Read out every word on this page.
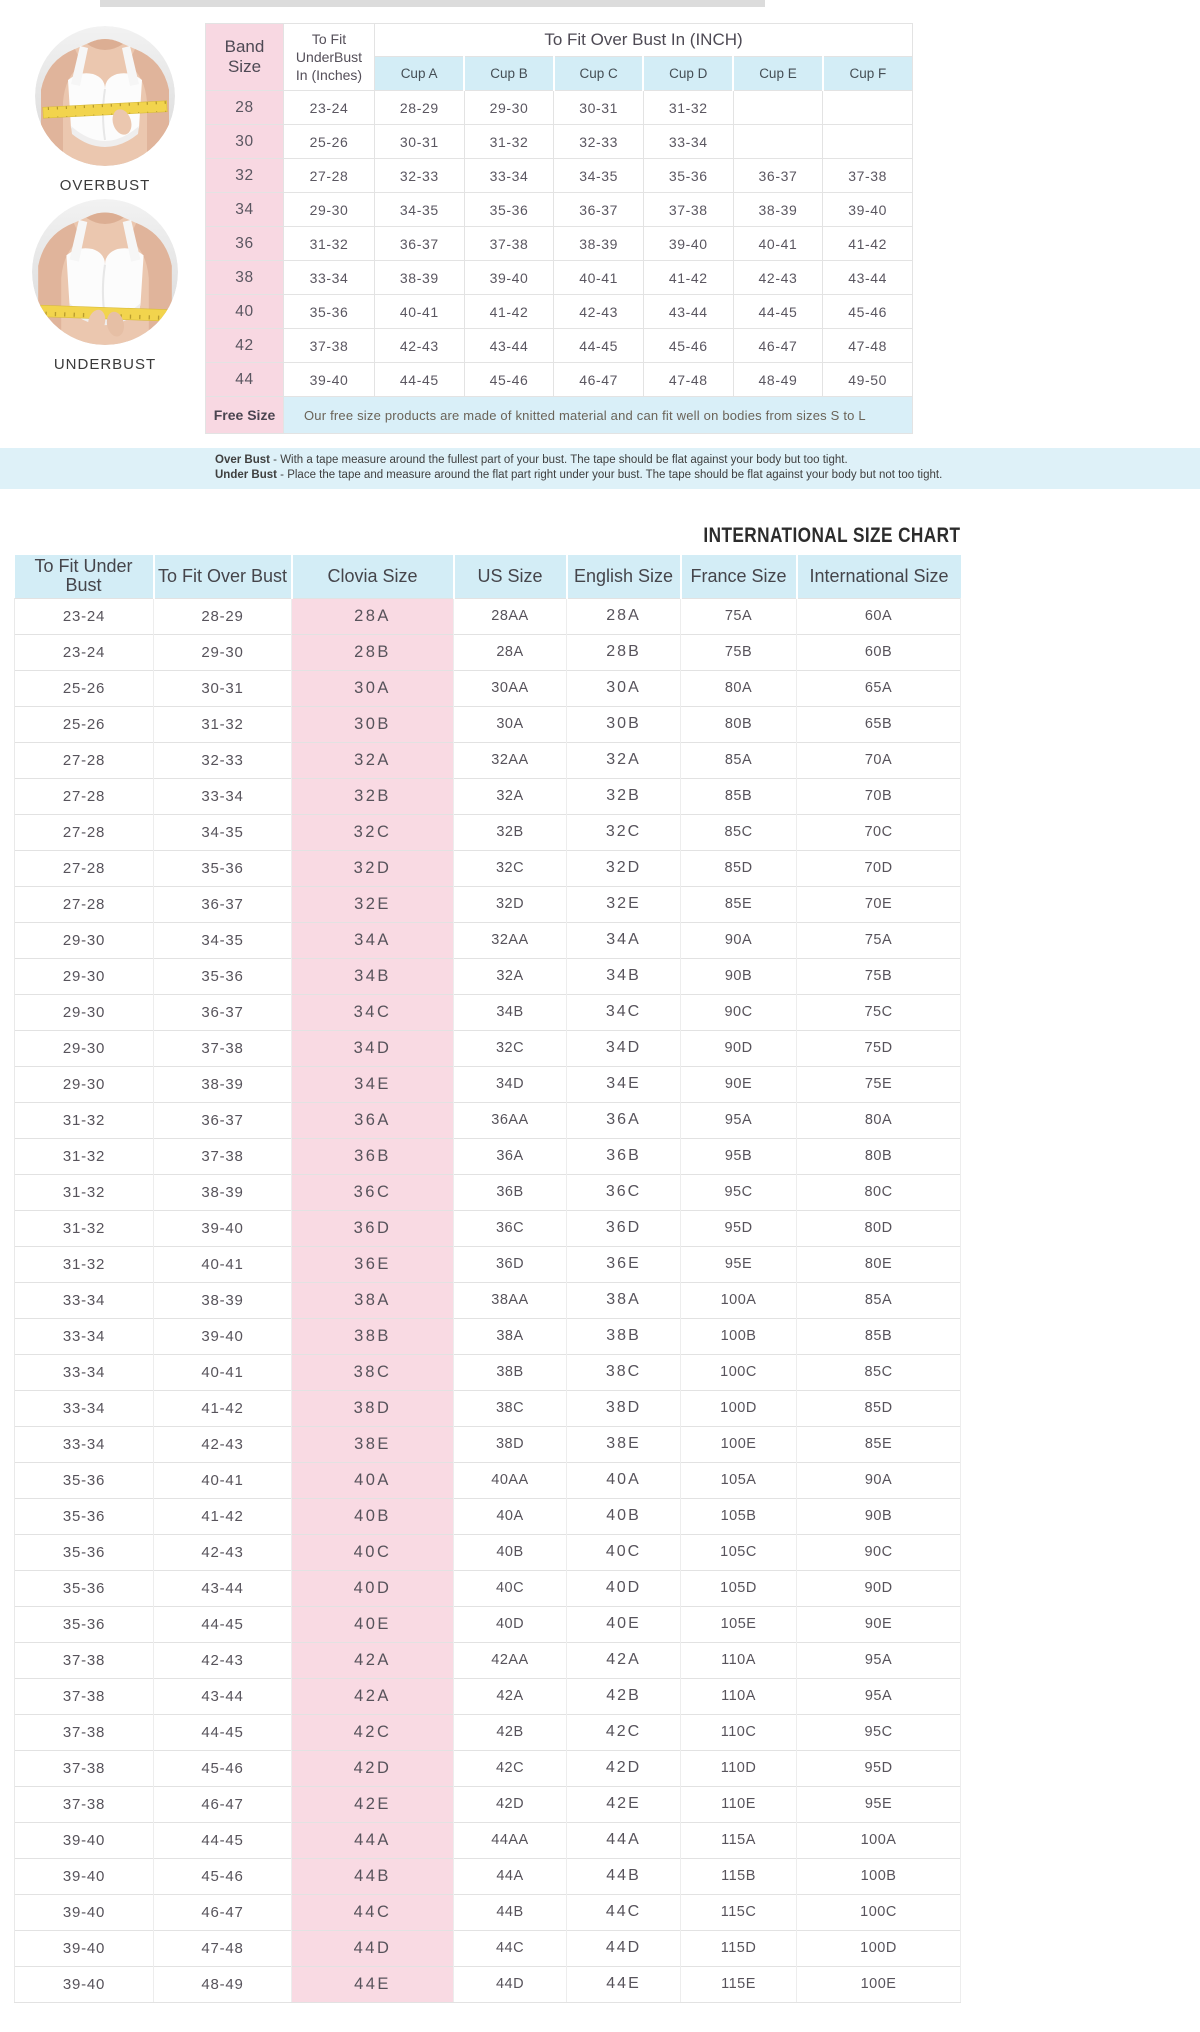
OVERBUST
UNDERBUST
Band Size	To Fit UnderBust In (Inches)	To Fit Over Bust In (INCH)					
		Cup A	Cup B	Cup C	Cup D	Cup E	Cup F
28	23-24	28-29	29-30	30-31	31-32		
30	25-26	30-31	31-32	32-33	33-34		
32	27-28	32-33	33-34	34-35	35-36	36-37	37-38
34	29-30	34-35	35-36	36-37	37-38	38-39	39-40
36	31-32	36-37	37-38	38-39	39-40	40-41	41-42
38	33-34	38-39	39-40	40-41	41-42	42-43	43-44
40	35-36	40-41	41-42	42-43	43-44	44-45	45-46
42	37-38	42-43	43-44	44-45	45-46	46-47	47-48
44	39-40	44-45	45-46	46-47	47-48	48-49	49-50
Free Size	Our free size products are made of knitted material and can fit well on bodies from sizes S to L						
Over Bust - With a tape measure around the fullest part of your bust. The tape should be flat against your body but too tight.
Under Bust - Place the tape and measure around the flat part right under your bust. The tape should be flat against your body but not too tight.
INTERNATIONAL SIZE CHART
To Fit Under Bust	To Fit Over Bust	Clovia Size	US Size	English Size	France Size	International Size
23-24	28-29	28A	28AA	28A	75A	60A
23-24	29-30	28B	28A	28B	75B	60B
25-26	30-31	30A	30AA	30A	80A	65A
25-26	31-32	30B	30A	30B	80B	65B
27-28	32-33	32A	32AA	32A	85A	70A
27-28	33-34	32B	32A	32B	85B	70B
27-28	34-35	32C	32B	32C	85C	70C
27-28	35-36	32D	32C	32D	85D	70D
27-28	36-37	32E	32D	32E	85E	70E
29-30	34-35	34A	32AA	34A	90A	75A
29-30	35-36	34B	32A	34B	90B	75B
29-30	36-37	34C	34B	34C	90C	75C
29-30	37-38	34D	32C	34D	90D	75D
29-30	38-39	34E	34D	34E	90E	75E
31-32	36-37	36A	36AA	36A	95A	80A
31-32	37-38	36B	36A	36B	95B	80B
31-32	38-39	36C	36B	36C	95C	80C
31-32	39-40	36D	36C	36D	95D	80D
31-32	40-41	36E	36D	36E	95E	80E
33-34	38-39	38A	38AA	38A	100A	85A
33-34	39-40	38B	38A	38B	100B	85B
33-34	40-41	38C	38B	38C	100C	85C
33-34	41-42	38D	38C	38D	100D	85D
33-34	42-43	38E	38D	38E	100E	85E
35-36	40-41	40A	40AA	40A	105A	90A
35-36	41-42	40B	40A	40B	105B	90B
35-36	42-43	40C	40B	40C	105C	90C
35-36	43-44	40D	40C	40D	105D	90D
35-36	44-45	40E	40D	40E	105E	90E
37-38	42-43	42A	42AA	42A	110A	95A
37-38	43-44	42A	42A	42B	110A	95A
37-38	44-45	42C	42B	42C	110C	95C
37-38	45-46	42D	42C	42D	110D	95D
37-38	46-47	42E	42D	42E	110E	95E
39-40	44-45	44A	44AA	44A	115A	100A
39-40	45-46	44B	44A	44B	115B	100B
39-40	46-47	44C	44B	44C	115C	100C
39-40	47-48	44D	44C	44D	115D	100D
39-40	48-49	44E	44D	44E	115E	100E
